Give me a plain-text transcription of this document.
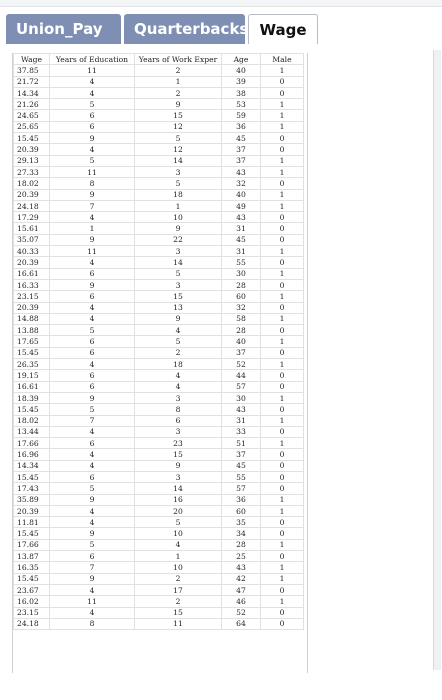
Union_Pay	Quarterbacks Wage
Wage	Years of Education	Years of Work Exper	Age	Male
37.85	11	2	40	1
21.72	4	1	39	0
14.34	4	2	38	0
21.26	5	9	53	1
24.65	6	15	59	1
25.65	6	12	36	1
15.45	9	5	45	0
20.39	4	12	37	0
29.13	5	14	37	1
27.33	11	3	43	1
18.02	8	5	32	0
20.39	9	18	40	1
24.18	7	1	49	1
17.29	4	10	43	0
15.61	1	9	31	0
35.07	9	22	45	0
40.33	11	3	31	1
20.39	4	14	55	0
16.61	6	5	30	1
16.33	9	3	28	0
23.15	6	15	60	1
20.39	4	13	32	0
14.88	4	9	58	1
13.88	5	4	28	0
17.65	6	5	40	1
15.45	6	2	37	0
26.35	4	18	52	1
19.15	6	4	44	0
16.61	6	4	57	0
18.39	9	3	30	1
15.45	5	8	43	0
18.02	7	6	31	1
13.44	4	3	33	0
17.66	6	23	51	1
16.96	4	15	37	0
14.34	4	9	45	0
15.45	6	3	55	0
17.43	5	14	57	0
35.89	9	16	36	1
20.39	4	20	60	1
11.81	4	5	35	0
15.45	9	10	34	0
17.66	5	4	28	1
13.87	6	1	25	0
16.35	7	10	43	1
15.45	9	2	42	1
23.67	4	17	47	0
16.02	11	2	46	1
23.15	4	15	52	0
24.18	8	11	64	0
